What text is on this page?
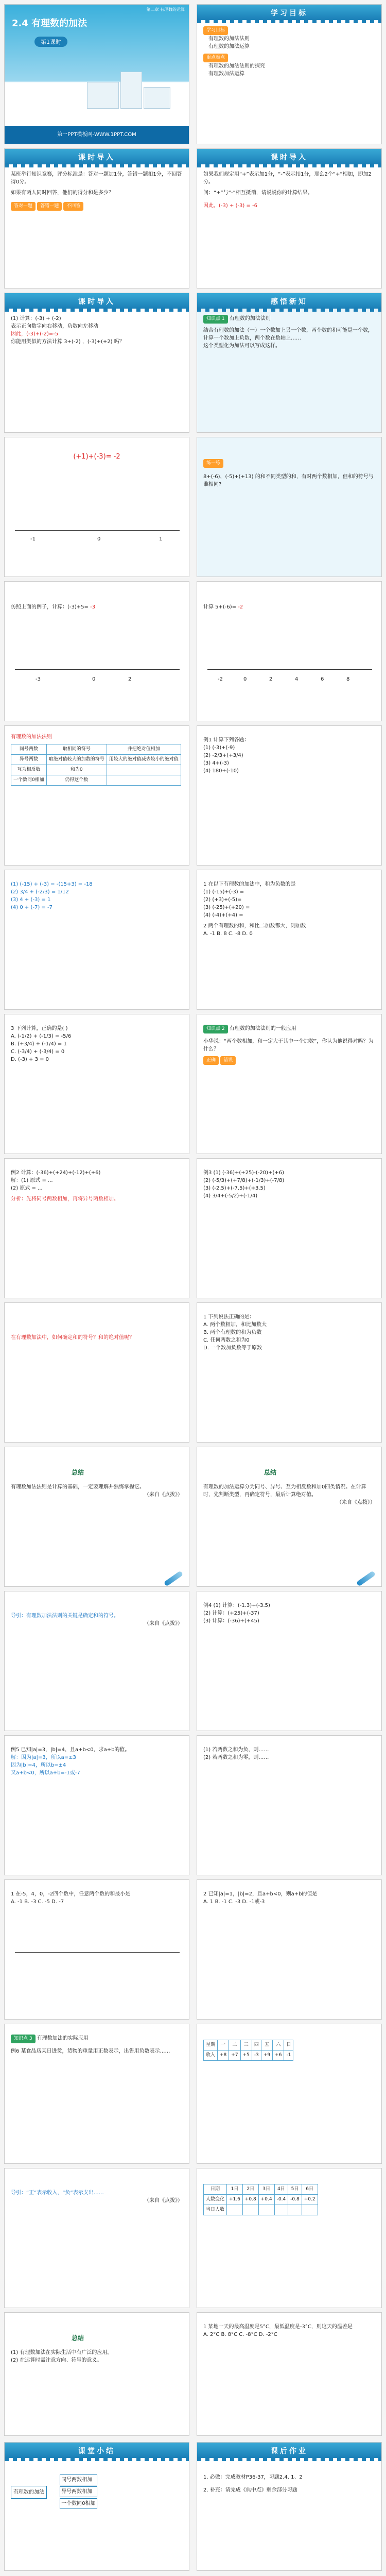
第二章 有理数的运算
2.4 有理数的加法
第1课时
第一PPT模板网-WWW.1PPT.COM
学习目标
学习目标
有理数的加法法则
有理数的加法运算
重点难点
有理数的加法法则的探究
有理数加法运算
课时导入
某班举行知识竞赛，评分标准是：答对一题加1分，答错一题扣1分，不回答得0分。
如果有两人同时回答，他们的得分和是多少？
答对一题 答错一题 不回答
课时导入
如果我们规定用“+”表示加1分，“-”表示扣1分，那么2个“+”相加，即加2分。
问：“+”与“-”相互抵消，请说说你的计算结果。
因此，(-3) + (-3) = -6
课时导入
(1) 计算：(-3) + (-2)
表示正向数字向右移动，负数向左移动
因此，(-3)+(-2)=-5
你能用类似的方法计算 3+(-2) ，(-3)+(+2) 吗？
感悟新知
知识点 1 有理数的加法法则
结合有理数的加法（一）一个数加上另一个数，两个数的和可能是一个数，计算一个数加上负数，两个数在数轴上……
这个类型化为加法可以写成这样。
(+1)+(-3)= -2
-1	0	1
练一练
8+(-6)，(-5)+(+13) 的和不同类型的和，有时两个数相加，但和的符号与谁相同?
仿照上面的例子，计算：(-3)+5= -3
-3	0	2
计算 5+(-6)= -2
-2	0	2	4	6	8
有理数的加法法则
同号两数	取相同的符号	并把绝对值相加
异号两数	取绝对值较大的加数的符号	用较大的绝对值减去较小的绝对值
互为相反数	和为0	
一个数同0相加	仍得这个数	
例1 计算下列各题：
(1) (-3)+(-9)
(2) -2/3+(+3/4)
(3) 4+(-3)
(4) 180+(-10)
(1) (-15) + (-3) = -(15+3) = -18
(2) 3/4 + (-2/3) = 1/12
(3) 4 + (-3) = 1
(4) 0 + (-7) = -7
1 在以下有理数的加法中，和为负数的是
(1) (-15)+(-3) =
(2) (+3)+(-5)=
(3) (-25)+(+20) =
(4) (-4)+(+4) =
2 两个有理数的和，和比二加数都大，则加数
A. -1 B. 8 C. -8 D. 0
3 下列计算，正确的是( )
A. (-1/2) + (-1/3) = -5/6
B. (+3/4) + (-1/4) = 1
C. (-3/4) + (-3/4) = 0
D. (-3) + 3 = 0
知识点 2 有理数的加法法则的一般应用
小华说：“两个数相加，和一定大于其中一个加数”，你认为他说得对吗？为什么？
正确 错误
例2 计算：(-36)+(+24)+(-12)+(+6)
解：(1) 原式 = ...
(2) 原式 = ...
分析：先将同号两数相加，再将异号两数相加。
例3 (1) (-36)+(+25)-(-20)+(+6)
(2) (-5/3)+(+7/8)+(-1/3)+(-7/8)
(3) (-2.5)+(-7.5)+(+3.5)
(4) 3/4+(-5/2)+(-1/4)
在有理数加法中，如何确定和的符号？和的绝对值呢？
1 下列说法正确的是：
A. 两个数相加，和比加数大
B. 两个有理数的和为负数
C. 任何两数之和为0
D. 一个数加负数等于原数
总结
有理数加法法则是计算的基础，一定要理解并熟练掌握它。
（来自《点拨》）
总结
有理数的加法运算分为同号、异号、互为相反数和加0四类情况。在计算时，先判断类型，再确定符号，最后计算绝对值。
（来自《点拨》）
导引：有理数加法法则的关键是确定和的符号。
（来自《点拨》）
例4 (1) 计算：(-1.3)+(-3.5)
(2) 计算：(+25)+(-37)
(3) 计算：(-36)+(+45)
例5 已知|a|=3，|b|=4，且a+b<0，求a+b的值。
解：因为|a|=3，所以a=±3
因为|b|=4，所以b=±4
又a+b<0，所以a+b=-1或-7
(1) 若两数之和为负，则……
(2) 若两数之和为零，则……
1 在-5，4，0，-2四个数中，任意两个数的和最小是
A. -1 B. -3 C. -5 D. -7
2 已知|a|=1，|b|=2，且a+b<0，则a+b的值是
A. 1 B. -1 C. -3 D. -1或-3
知识点 3 有理数加法的实际应用
例6 某食品店某日进货，货物的重量用正数表示，出售用负数表示……
星期	一	二	三	四	五	六	日
收入	+8	+7	+5	-3	+9	+6	-1
导引：“正”表示收入，“负”表示支出……
（来自《点拨》）
日期	1日	2日	3日	4日	5日	6日
人数变化	+1.6	+0.8	+0.4	-0.4	-0.8	+0.2
当日人数						
总结
(1) 有理数加法在实际生活中有广泛的应用。
(2) 在运算时需注意方向、符号的意义。
1 某地一天的最高温度是5°C，最低温度是-3°C，则这天的温差是
A. 2°C B. 8°C C. -8°C D. -2°C
课堂小结
有理数的加法
同号两数相加
异号两数相加
一个数同0相加
课后作业
1. 必做：完成教材P36-37，习题2.4. 1、2
2. 补充：请完成《典中点》剩余部分习题
